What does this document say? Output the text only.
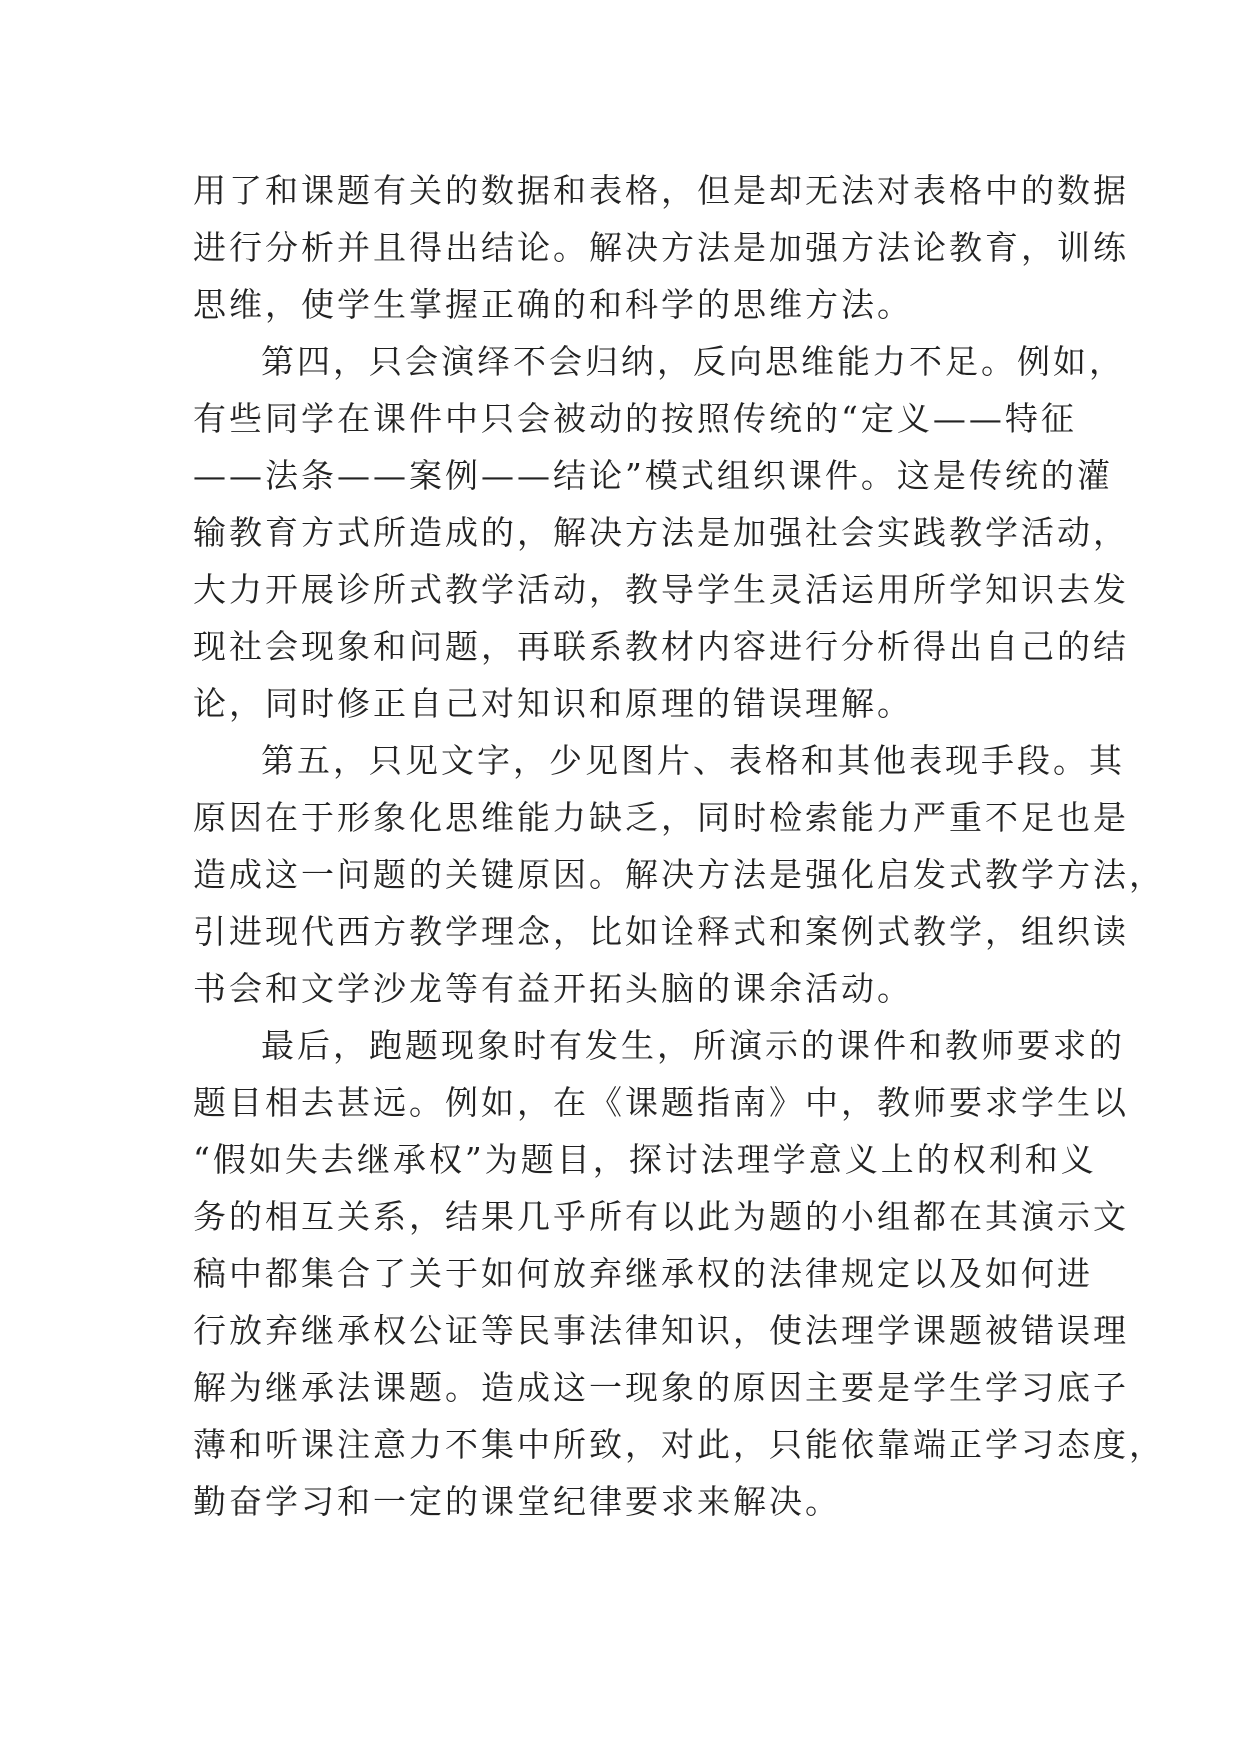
用了和课题有关的数据和表格，但是却无法对表格中的数据
进行分析并且得出结论。解决方法是加强方法论教育，训练
思维，使学生掌握正确的和科学的思维方法。
第四，只会演绎不会归纳，反向思维能力不足。例如，
有些同学在课件中只会被动的按照传统的“定义——特征
——法条——案例——结论”模式组织课件。这是传统的灌
输教育方式所造成的，解决方法是加强社会实践教学活动，
大力开展诊所式教学活动，教导学生灵活运用所学知识去发
现社会现象和问题，再联系教材内容进行分析得出自己的结
论，同时修正自己对知识和原理的错误理解。
第五，只见文字，少见图片、表格和其他表现手段。其
原因在于形象化思维能力缺乏，同时检索能力严重不足也是
造成这一问题的关键原因。解决方法是强化启发式教学方法，
引进现代西方教学理念，比如诠释式和案例式教学，组织读
书会和文学沙龙等有益开拓头脑的课余活动。
最后，跑题现象时有发生，所演示的课件和教师要求的
题目相去甚远。例如，在《课题指南》中，教师要求学生以
“假如失去继承权”为题目，探讨法理学意义上的权利和义
务的相互关系，结果几乎所有以此为题的小组都在其演示文
稿中都集合了关于如何放弃继承权的法律规定以及如何进
行放弃继承权公证等民事法律知识，使法理学课题被错误理
解为继承法课题。造成这一现象的原因主要是学生学习底子
薄和听课注意力不集中所致，对此，只能依靠端正学习态度，
勤奋学习和一定的课堂纪律要求来解决。
